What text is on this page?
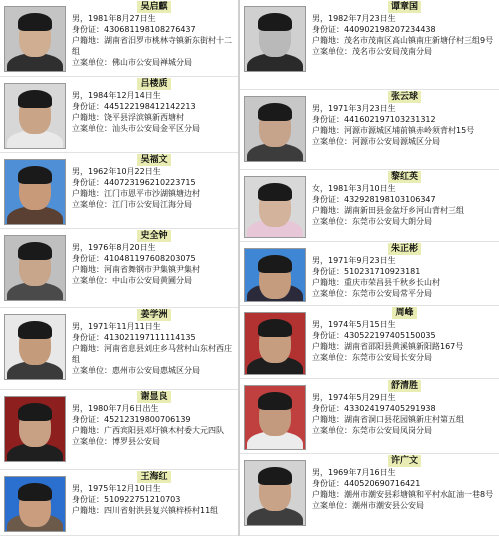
吴启麒
男，1981年8月27日生
身份证：430681198108276437
户籍地：湖南省汨罗市桃林寺镇新东街村十二组
立案单位：佛山市公安局禅城分局
吕楼质
男，1984年12月14日生
身份证：445122198412142213
户籍地：饶平县浮滨镇新西塘村
立案单位：汕头市公安局金平区分局
吴福文
男，1962年10月22日生
身份证：440723196210223715
户籍地：江门市恩平市沙湖镇塘边村
立案单位：江门市公安局江海分局
史全钟
男，1976年8月20日生
身份证：410481197608203075
户籍地：河南省舞钢市尹集镇尹集村
立案单位：中山市公安局黄圃分局
姜学洲
男，1971年11月11日生
身份证：413021197111114135
户籍地：河南省息县刘庄乡马营村山东村西庄组
立案单位：惠州市公安局惠城区分局
谢显良
男，1980年7月6日出生
身份证：45212319800706139
户籍地：广西宾阳县邓圩镇木村委大元四队
立案单位：博罗县公安局
王海红
男，1975年12月10日生
身份证：510922751210703
户籍地：四川省射洪县复兴镇梓桥村11组
谭章国
男，1982年7月23日生
身份证：440902198207234438
户籍地：茂名市茂南区高山镇南庄新塘仔村三组9号
立案单位：茂名市公安局茂南分局
张云球
男，1971年3月23日生
身份证：441602197103231312
户籍地：河源市源城区埔前镇赤岭须背村15号
立案单位：河源市公安局源城区分局
黎红英
女，1981年3月10日生
身份证：432928198103106347
户籍地：湖南新田县金盆圩乡河山背村三组
立案单位：东莞市公安局大朗分局
朱正彬
男，1971年9月23日生
身份证：510231710923181
户籍地：重庆市荣昌县千秋乡长山村
立案单位：东莞市公安局常平分局
周峰
男，1974年5月15日生
身份证：430522197405150035
户籍地：湖南省邵阳县黄溪镇新阳路167号
立案单位：东莞市公安局长安分局
舒清胜
男，1974年5月29日生
身份证：433024197405291938
户籍地：湖南省洞口县花园镇新庄村第五组
立案单位：东莞市公安局凤岗分局
许广文
男，1969年7月16日生
身份证：440520690716421
户籍地：潮州市潮安县彩塘镇和平村水缸油一巷8号
立案单位：潮州市潮安县公安局
